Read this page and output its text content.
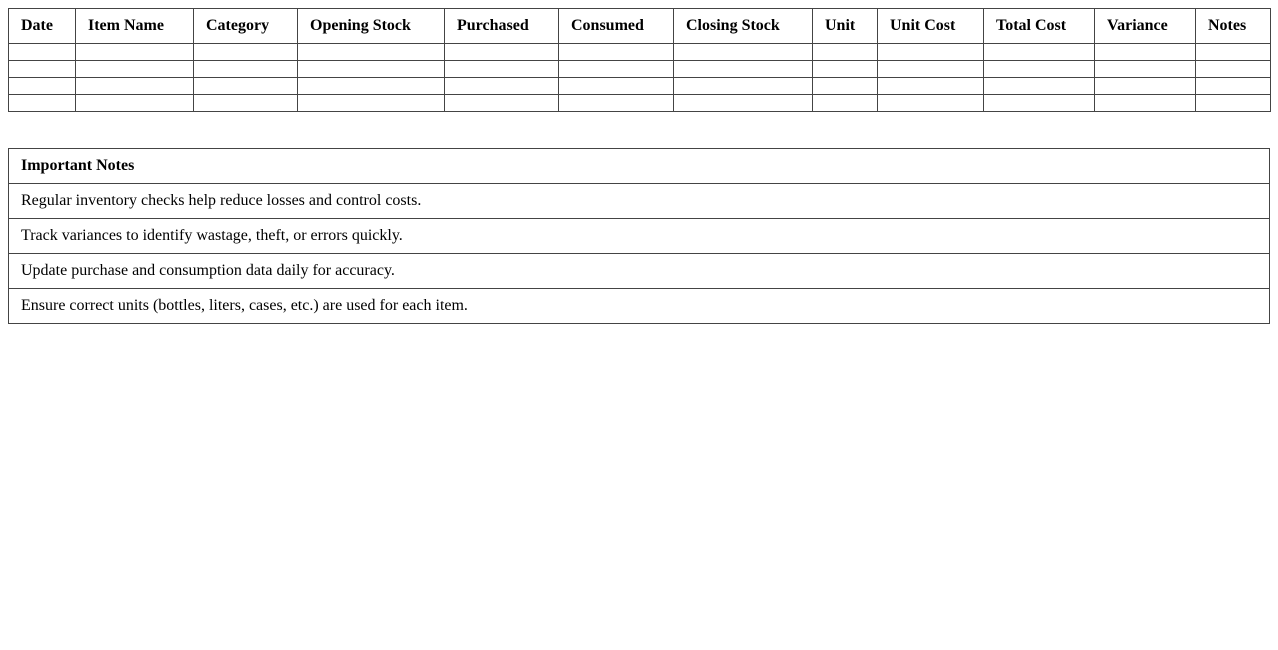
Date	Item Name	Category	Opening Stock	Purchased	Consumed	Closing Stock	Unit	Unit Cost	Total Cost	Variance	Notes

Important Notes
Regular inventory checks help reduce losses and control costs.
Track variances to identify wastage, theft, or errors quickly.
Update purchase and consumption data daily for accuracy.
Ensure correct units (bottles, liters, cases, etc.) are used for each item.
